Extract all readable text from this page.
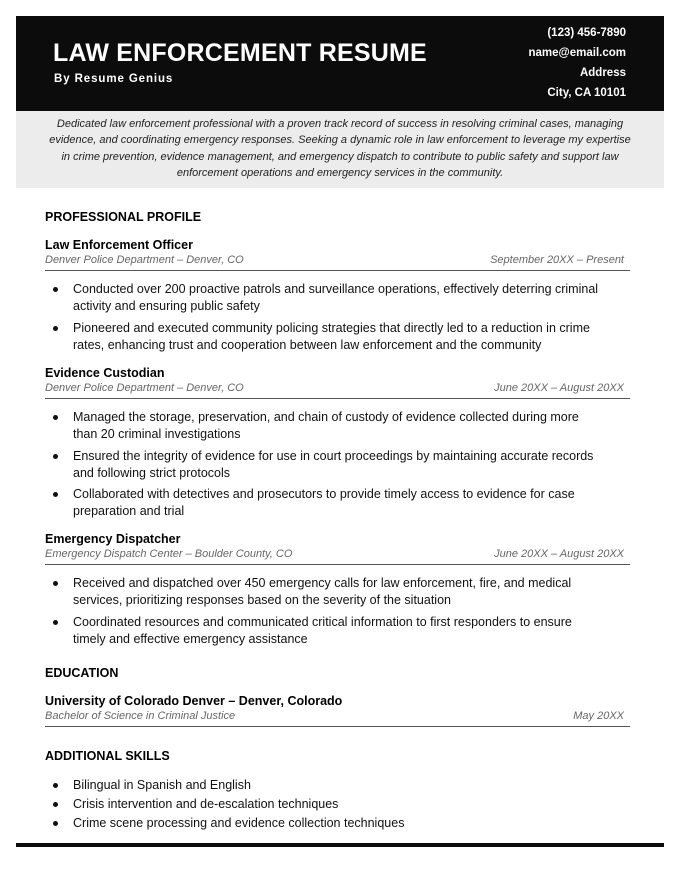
LAW ENFORCEMENT RESUME
By Resume Genius
(123) 456-7890
name@email.com
Address
City, CA 10101
Dedicated law enforcement professional with a proven track record of success in resolving criminal cases, managing evidence, and coordinating emergency responses. Seeking a dynamic role in law enforcement to leverage my expertise in crime prevention, evidence management, and emergency dispatch to contribute to public safety and support law enforcement operations and emergency services in the community.
PROFESSIONAL PROFILE
Law Enforcement Officer
Denver Police Department – Denver, CO	September 20XX – Present
Conducted over 200 proactive patrols and surveillance operations, effectively deterring criminal activity and ensuring public safety
Pioneered and executed community policing strategies that directly led to a reduction in crime rates, enhancing trust and cooperation between law enforcement and the community
Evidence Custodian
Denver Police Department – Denver, CO	June 20XX – August 20XX
Managed the storage, preservation, and chain of custody of evidence collected during more than 20 criminal investigations
Ensured the integrity of evidence for use in court proceedings by maintaining accurate records and following strict protocols
Collaborated with detectives and prosecutors to provide timely access to evidence for case preparation and trial
Emergency Dispatcher
Emergency Dispatch Center – Boulder County, CO	June 20XX – August 20XX
Received and dispatched over 450 emergency calls for law enforcement, fire, and medical services, prioritizing responses based on the severity of the situation
Coordinated resources and communicated critical information to first responders to ensure timely and effective emergency assistance
EDUCATION
University of Colorado Denver – Denver, Colorado
Bachelor of Science in Criminal Justice	May 20XX
ADDITIONAL SKILLS
Bilingual in Spanish and English
Crisis intervention and de-escalation techniques
Crime scene processing and evidence collection techniques
